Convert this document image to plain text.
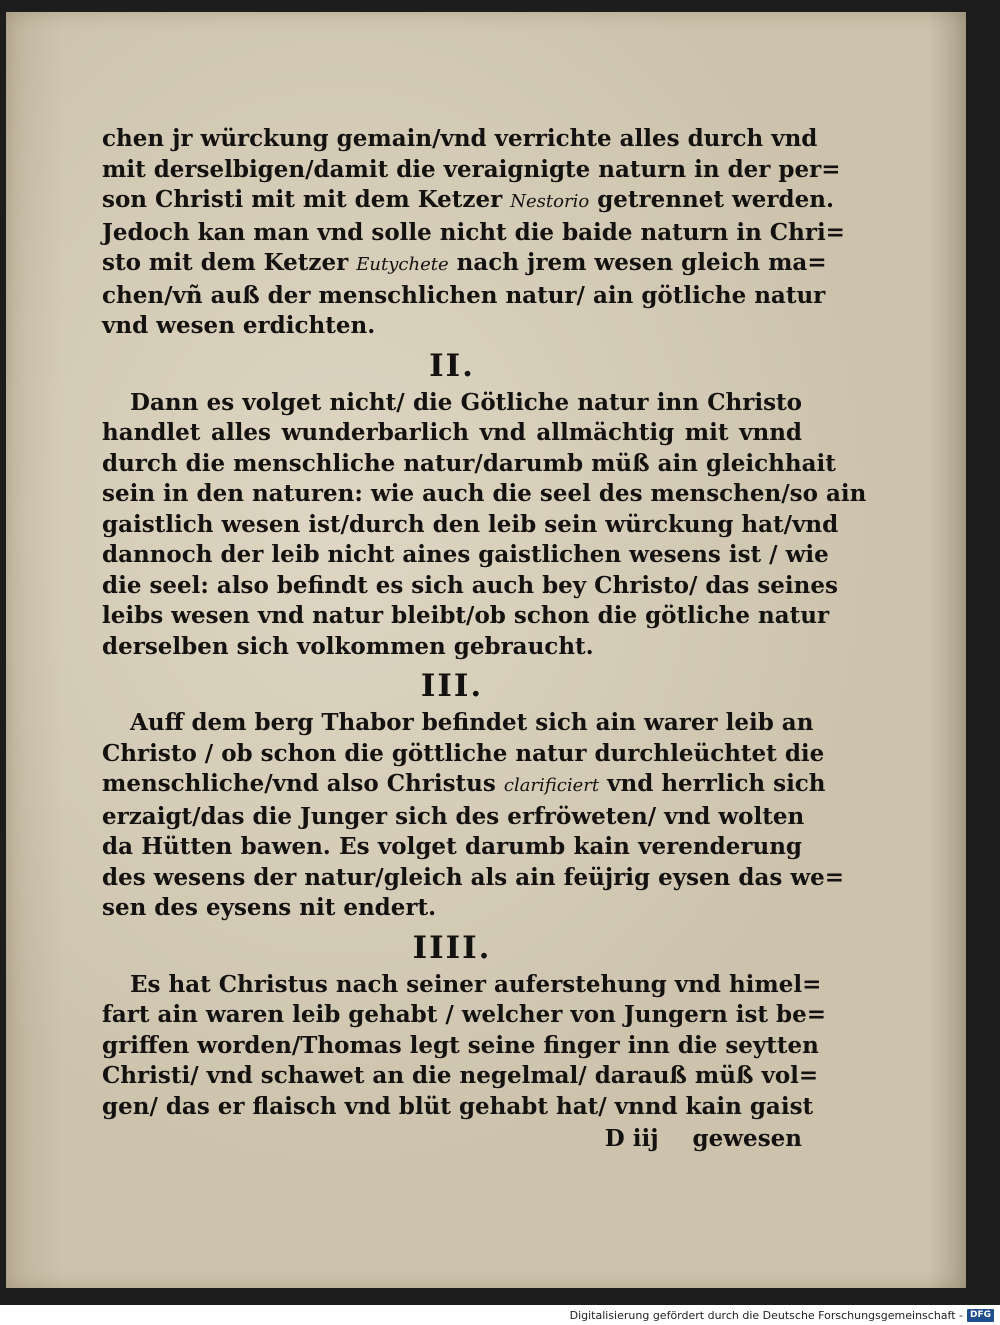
chen jr würckung gemain/vnd verrichte alles durch vnd
mit derselbigen/damit die veraignigte naturn in der per=
son Christi mit mit dem Ketzer Nestorio getrennet werden.
Jedoch kan man vnd solle nicht die baide naturn in Chri=
sto mit dem Ketzer Eutychete nach jrem wesen gleich ma=
chen/vñ auß der menschlichen natur/ ain götliche natur
vnd wesen erdichten.
II.
Dann es volget nicht/ die Götliche natur inn Christo
handlet alles wunderbarlich vnd allmächtig mit vnnd
durch die menschliche natur/darumb müß ain gleichhait
sein in den naturen: wie auch die seel des menschen/so ain
gaistlich wesen ist/durch den leib sein würckung hat/vnd
dannoch der leib nicht aines gaistlichen wesens ist / wie
die seel: also befindt es sich auch bey Christo/ das seines
leibs wesen vnd natur bleibt/ob schon die götliche natur
derselben sich volkommen gebraucht.
III.
Auff dem berg Thabor befindet sich ain warer leib an
Christo / ob schon die göttliche natur durchleüchtet die
menschliche/vnd also Christus clarificiert vnd herrlich sich
erzaigt/das die Junger sich des erfröweten/ vnd wolten
da Hütten bawen. Es volget darumb kain verenderung
des wesens der natur/gleich als ain feüjrig eysen das we=
sen des eysens nit endert.
IIII.
Es hat Christus nach seiner auferstehung vnd himel=
fart ain waren leib gehabt / welcher von Jungern ist be=
griffen worden/Thomas legt seine finger inn die seytten
Christi/ vnd schawet an die negelmal/ darauß müß vol=
gen/ das er flaisch vnd blüt gehabt hat/ vnnd kain gaist
D iij gewesen
Digitalisierung gefördert durch die Deutsche Forschungsgemeinschaft - DFG
